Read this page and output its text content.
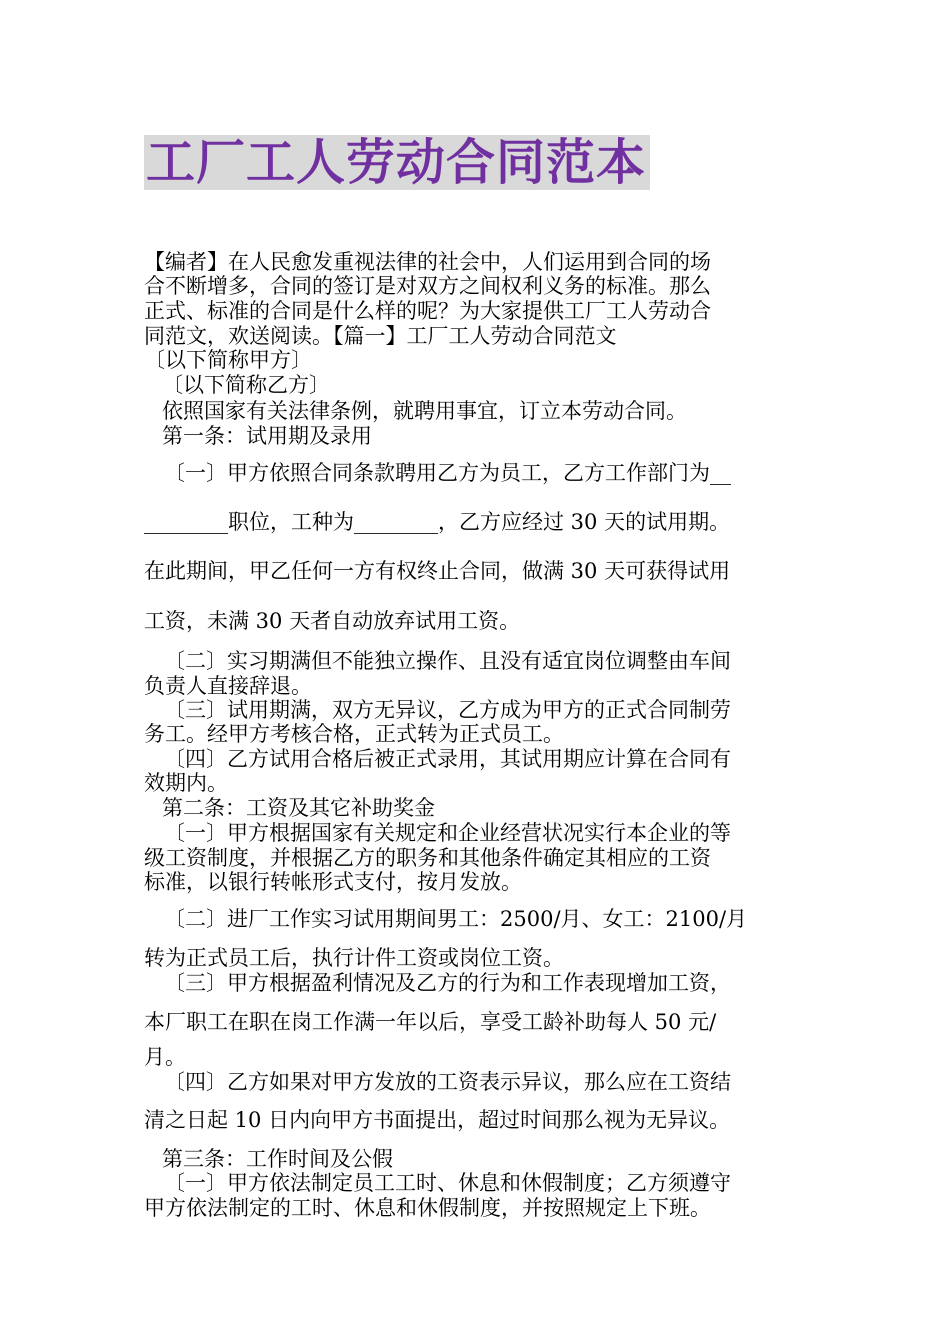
工厂工人劳动合同范本
【编者】在人民愈发重视法律的社会中，人们运用到合同的场
合不断增多，合同的签订是对双方之间权利义务的标准。那么
正式、标准的合同是什么样的呢？为大家提供工厂工人劳动合
同范文，欢送阅读。【篇一】工厂工人劳动合同范文
〔以下简称甲方〕
〔以下简称乙方〕
依照国家有关法律条例，就聘用事宜，订立本劳动合同。
第一条：试用期及录用
〔一〕甲方依照合同条款聘用乙方为员工，乙方工作部门为__
________职位，工种为________，乙方应经过 30 天的试用期。
在此期间，甲乙任何一方有权终止合同，做满 30 天可获得试用
工资，未满 30 天者自动放弃试用工资。
〔二〕实习期满但不能独立操作、且没有适宜岗位调整由车间
负责人直接辞退。
〔三〕试用期满，双方无异议，乙方成为甲方的正式合同制劳
务工。经甲方考核合格，正式转为正式员工。
〔四〕乙方试用合格后被正式录用，其试用期应计算在合同有
效期内。
第二条：工资及其它补助奖金
〔一〕甲方根据国家有关规定和企业经营状况实行本企业的等
级工资制度，并根据乙方的职务和其他条件确定其相应的工资
标准，以银行转帐形式支付，按月发放。
〔二〕进厂工作实习试用期间男工：2500/月、女工：2100/月
转为正式员工后，执行计件工资或岗位工资。
〔三〕甲方根据盈利情况及乙方的行为和工作表现增加工资，
本厂职工在职在岗工作满一年以后，享受工龄补助每人 50 元/
月。
〔四〕乙方如果对甲方发放的工资表示异议，那么应在工资结
清之日起 10 日内向甲方书面提出，超过时间那么视为无异议。
第三条：工作时间及公假
〔一〕甲方依法制定员工工时、休息和休假制度；乙方须遵守
甲方依法制定的工时、休息和休假制度，并按照规定上下班。
